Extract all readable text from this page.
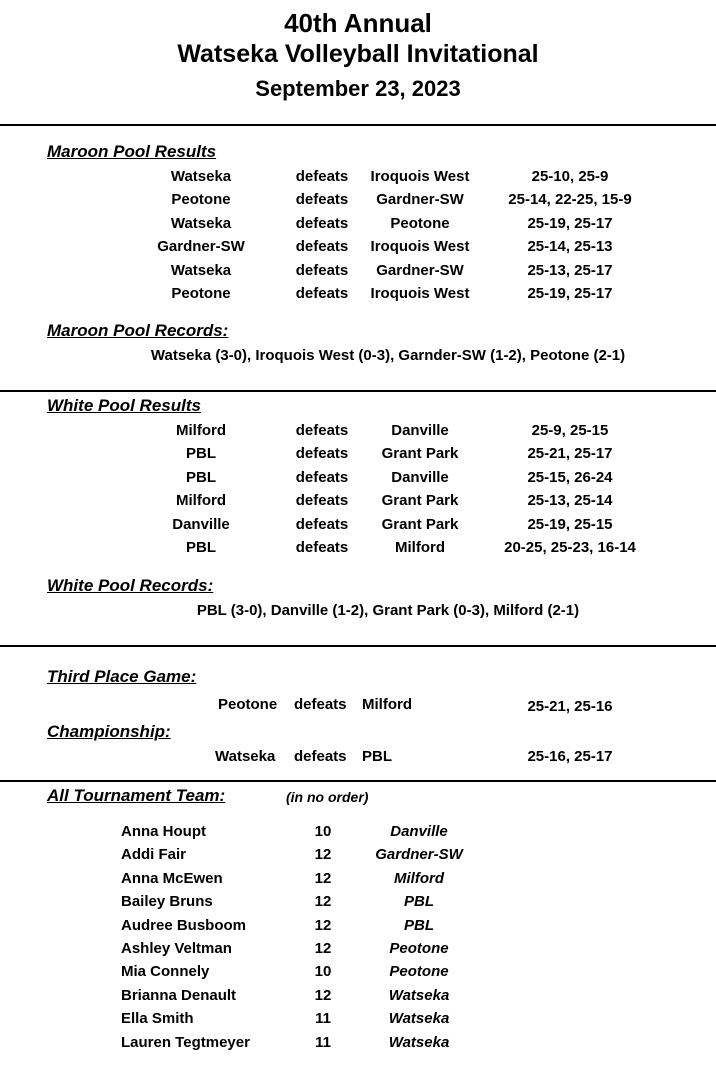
40th Annual
Watseka Volleyball Invitational
September 23, 2023
Maroon Pool Results
Watseka	defeats	Iroquois West	25-10, 25-9
Peotone	defeats	Gardner-SW	25-14, 22-25, 15-9
Watseka	defeats	Peotone	25-19, 25-17
Gardner-SW	defeats	Iroquois West	25-14, 25-13
Watseka	defeats	Gardner-SW	25-13, 25-17
Peotone	defeats	Iroquois West	25-19, 25-17
Maroon Pool Records:
Watseka (3-0), Iroquois West (0-3), Garnder-SW (1-2), Peotone (2-1)
White Pool Results
Milford	defeats	Danville	25-9, 25-15
PBL	defeats	Grant Park	25-21, 25-17
PBL	defeats	Danville	25-15, 26-24
Milford	defeats	Grant Park	25-13, 25-14
Danville	defeats	Grant Park	25-19, 25-15
PBL	defeats	Milford	20-25, 25-23, 16-14
White Pool Records:
PBL (3-0), Danville (1-2), Grant Park (0-3), Milford (2-1)
Third Place Game:
Peotone defeats Milford	25-21, 25-16
Championship:
Watseka defeats PBL	25-16, 25-17
All Tournament Team:	(in no order)
Anna Houpt	10	Danville
Addi Fair	12	Gardner-SW
Anna McEwen	12	Milford
Bailey Bruns	12	PBL
Audree Busboom	12	PBL
Ashley Veltman	12	Peotone
Mia Connely	10	Peotone
Brianna Denault	12	Watseka
Ella Smith	11	Watseka
Lauren Tegtmeyer	11	Watseka
